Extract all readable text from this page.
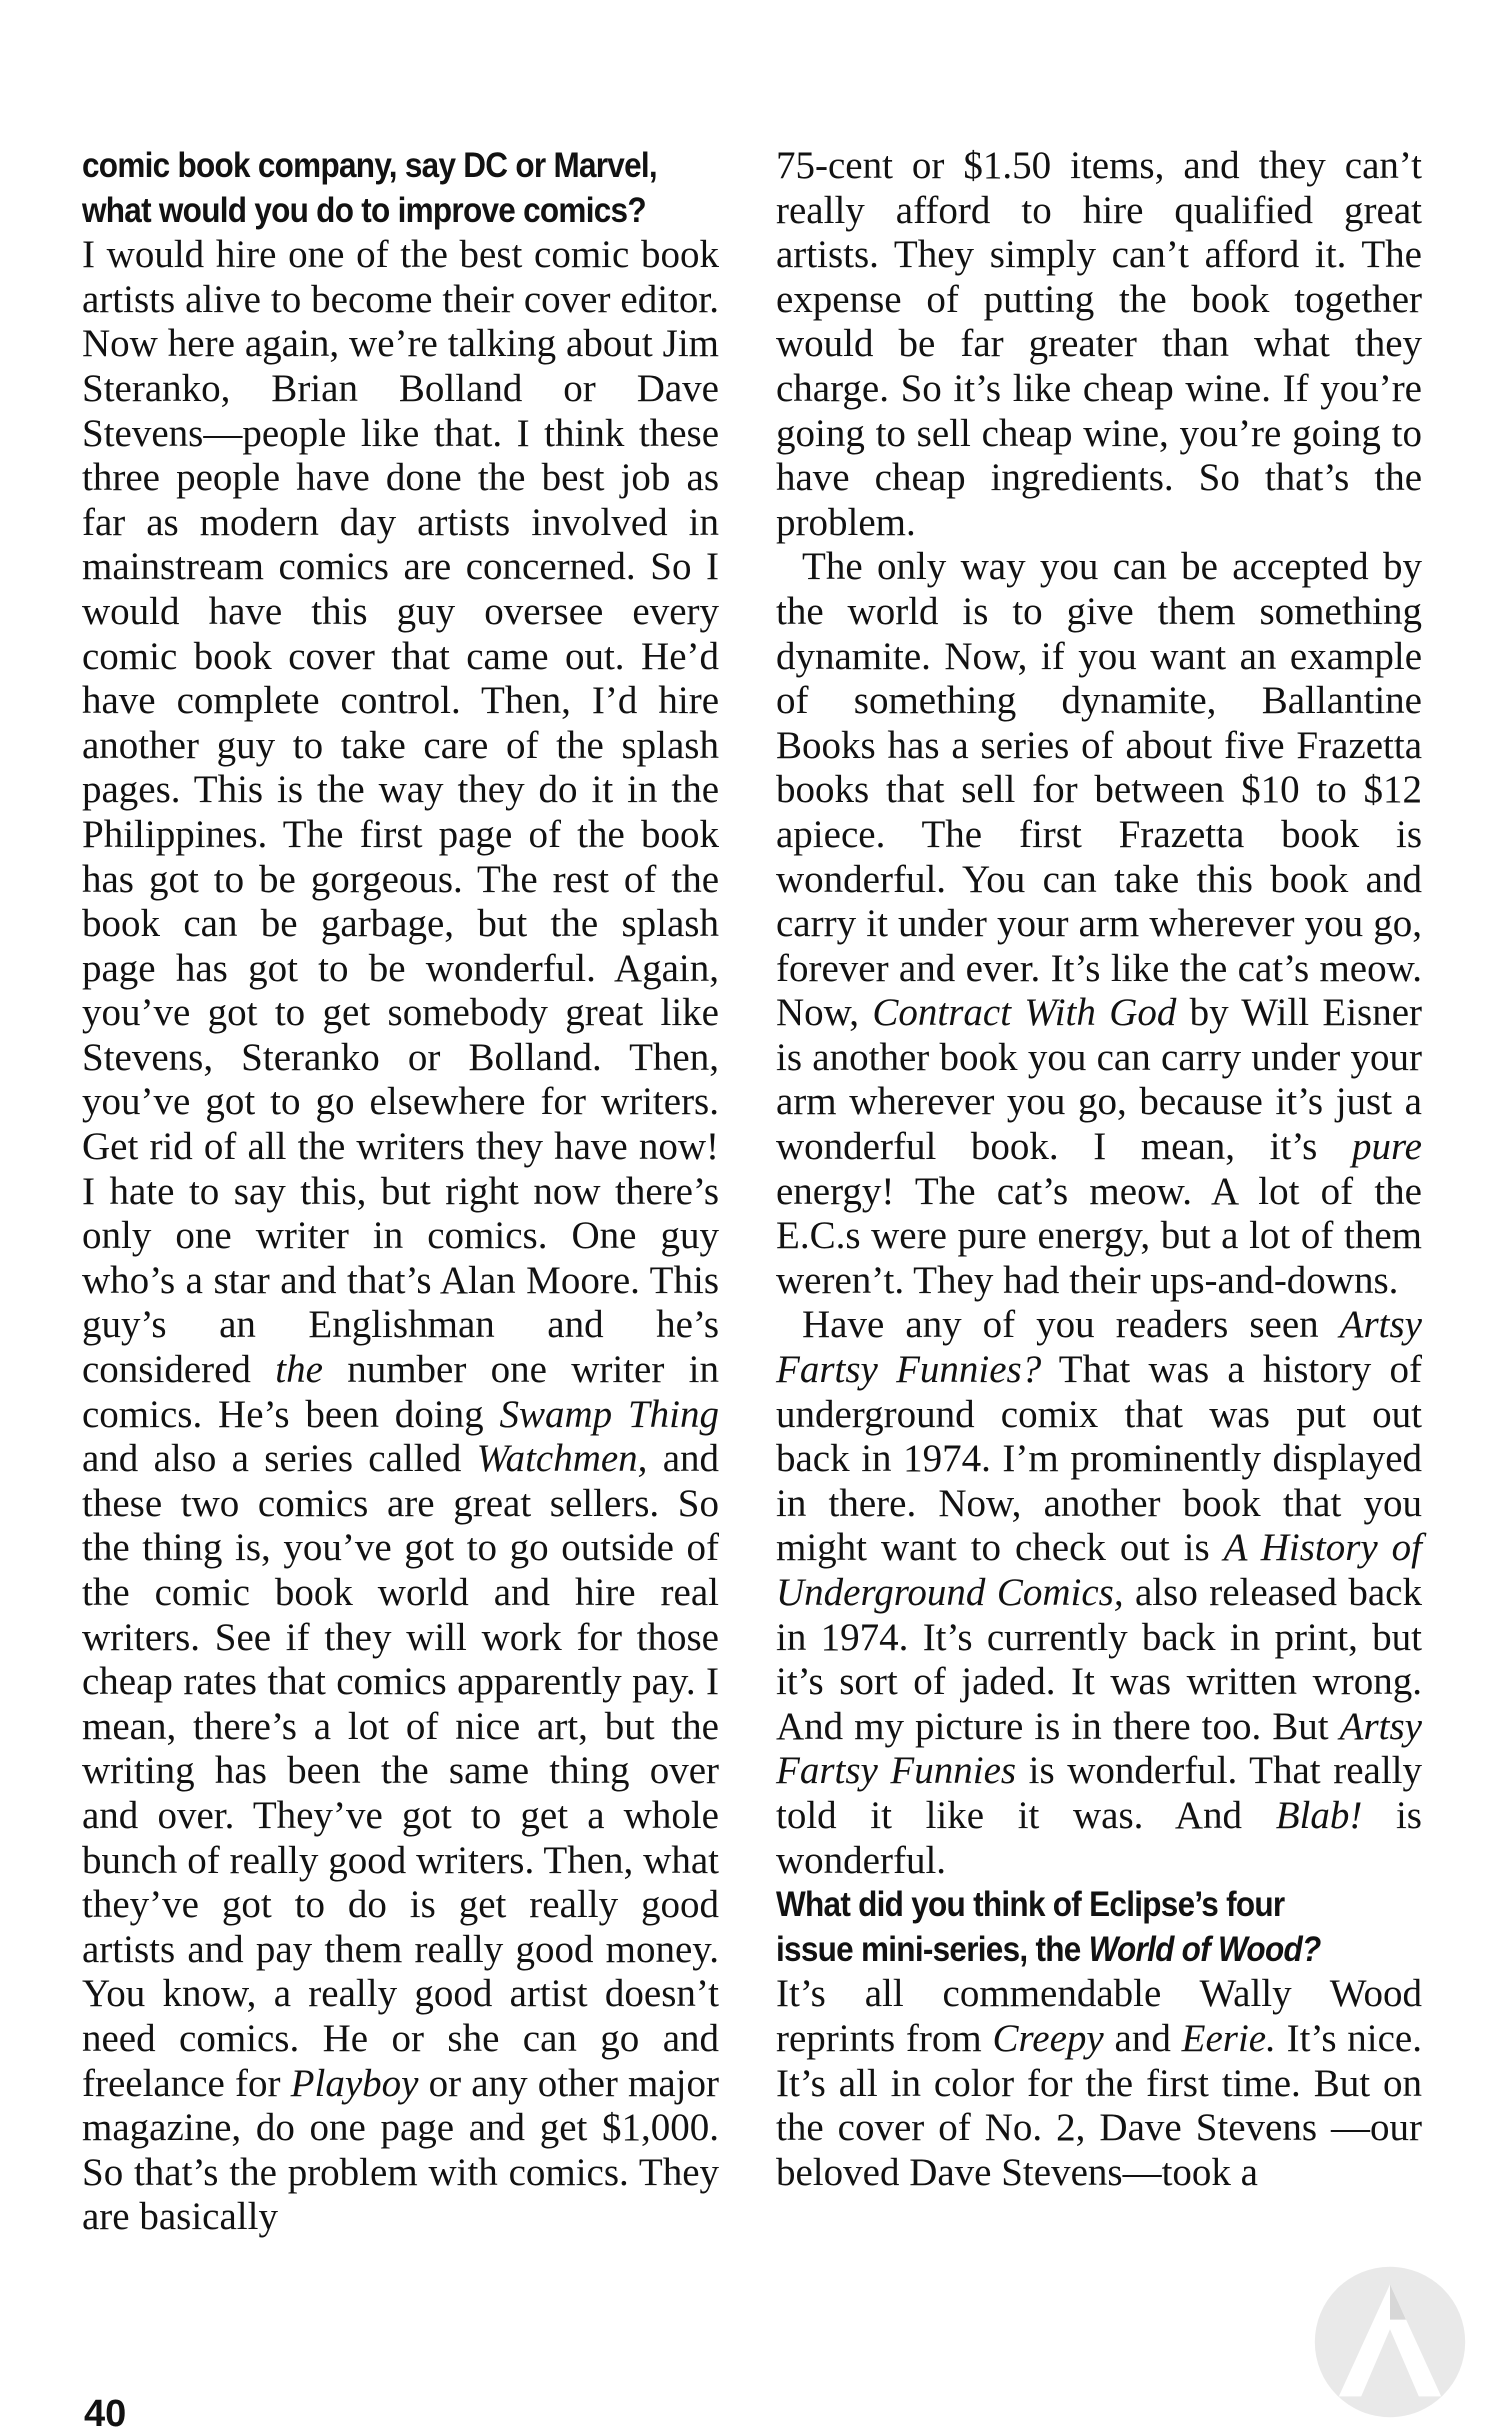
comic book company, say DC or Marvel,
what would you do to improve comics?

I would hire one of the best comic book artists alive to become their cover editor. Now here again, we’re talking about Jim Steranko, Brian Bolland or Dave Stevens—people like that. I think these three people have done the best job as far as modern day artists involved in mainstream comics are concerned. So I would have this guy oversee every comic book cover that came out. He’d have complete control. Then, I’d hire another guy to take care of the splash pages. This is the way they do it in the Philippines. The first page of the book has got to be gorgeous. The rest of the book can be garbage, but the splash page has got to be wonderful. Again, you’ve got to get somebody great like Stevens, Steranko or Bolland. Then, you’ve got to go elsewhere for writers. Get rid of all the writers they have now! I hate to say this, but right now there’s only one writer in comics. One guy who’s a star and that’s Alan Moore. This guy’s an Englishman and he’s considered the number one writer in comics. He’s been doing Swamp Thing and also a series called Watchmen, and these two comics are great sellers. So the thing is, you’ve got to go outside of the comic book world and hire real writers. See if they will work for those cheap rates that comics apparently pay. I mean, there’s a lot of nice art, but the writing has been the same thing over and over. They’ve got to get a whole bunch of really good writers. Then, what they’ve got to do is get really good artists and pay them really good money. You know, a really good artist doesn’t need comics. He or she can go and freelance for Playboy or any other major magazine, do one page and get $1,000. So that’s the problem with comics. They are basically

75-cent or $1.50 items, and they can’t really afford to hire qualified great artists. They simply can’t afford it. The expense of putting the book together would be far greater than what they charge. So it’s like cheap wine. If you’re going to sell cheap wine, you’re going to have cheap ingredients. So that’s the problem.

The only way you can be accepted by the world is to give them something dynamite. Now, if you want an example of something dynamite, Ballantine Books has a series of about five Frazetta books that sell for between $10 to $12 apiece. The first Frazetta book is wonderful. You can take this book and carry it under your arm wherever you go, forever and ever. It’s like the cat’s meow. Now, Contract With God by Will Eisner is another book you can carry under your arm wherever you go, because it’s just a wonderful book. I mean, it’s pure energy! The cat’s meow. A lot of the E.C.s were pure energy, but a lot of them weren’t. They had their ups-and-downs.

Have any of you readers seen Artsy Fartsy Funnies? That was a history of underground comix that was put out back in 1974. I’m prominently displayed in there. Now, another book that you might want to check out is A History of Underground Comics, also released back in 1974. It’s currently back in print, but it’s sort of jaded. It was written wrong. And my picture is in there too. But Artsy Fartsy Funnies is wonderful. That really told it like it was. And Blab! is wonderful.

What did you think of Eclipse’s four
issue mini-series, the World of Wood?

It’s all commendable Wally Wood reprints from Creepy and Eerie. It’s nice. It’s all in color for the first time. But on the cover of No. 2, Dave Stevens —our beloved Dave Stevens—took a

40
